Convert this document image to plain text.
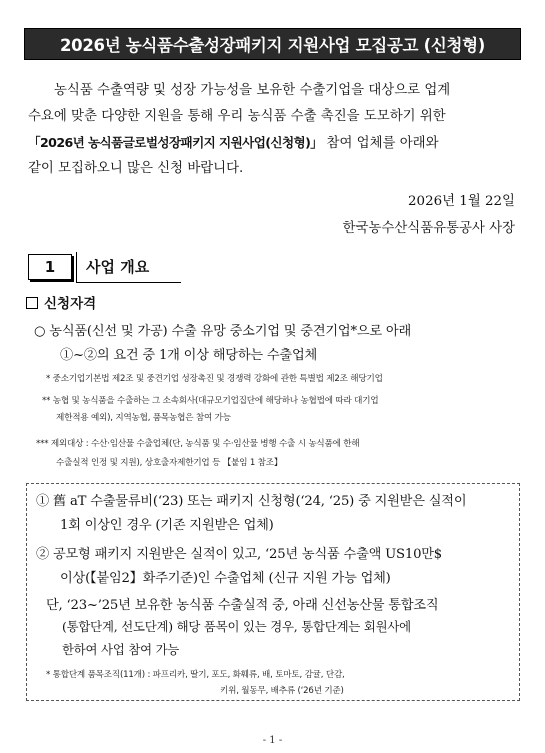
2026년 농식품수출성장패키지 지원사업 모집공고 (신청형)
농식품 수출역량 및 성장 가능성을 보유한 수출기업을 대상으로 업계
수요에 맞춘 다양한 지원을 통해 우리 농식품 수출 촉진을 도모하기 위한
「2026년 농식품글로벌성장패키지 지원사업(신청형)」 참여 업체를 아래와
같이 모집하오니 많은 신청 바랍니다.
2026년 1월 22일
한국농수산식품유통공사 사장
1 사업 개요
신청자격
○ 농식품(신선 및 가공) 수출 유망 중소기업 및 중견기업*으로 아래
①~②의 요건 중 1개 이상 해당하는 수출업체
* 중소기업기본법 제2조 및 중견기업 성장촉진 및 경쟁력 강화에 관한 특별법 제2조 해당기업
** 농협 및 농식품을 수출하는 그 소속회사(대규모기업집단에 해당하나 농협법에 따라 대기업
제한적용 예외), 지역농협, 품목농협은 참여 가능
*** 제외대상 : 수산·임산물 수출업체(단, 농식품 및 수·임산물 병행 수출 시 농식품에 한해
수출실적 인정 및 지원), 상호출자제한기업 등 【붙임 1 참조】
① 舊 aT 수출물류비(‘23) 또는 패키지 신청형(‘24, ‘25) 중 지원받은 실적이
1회 이상인 경우 (기존 지원받은 업체)
② 공모형 패키지 지원받은 실적이 있고, ‘25년 농식품 수출액 US10만$
이상(【붙임2】화주기준)인 수출업체 (신규 지원 가능 업체)
단, ‘23~’25년 보유한 농식품 수출실적 중, 아래 신선농산물 통합조직
(통합단계, 선도단계) 해당 품목이 있는 경우, 통합단계는 회원사에
한하여 사업 참여 가능
* 통합단계 품목조직(11개) : 파프리카, 딸기, 포도, 화훼류, 배, 토마토, 감귤, 단감,
키위, 월동무, 배추류 (‘26년 기준)
- 1 -
